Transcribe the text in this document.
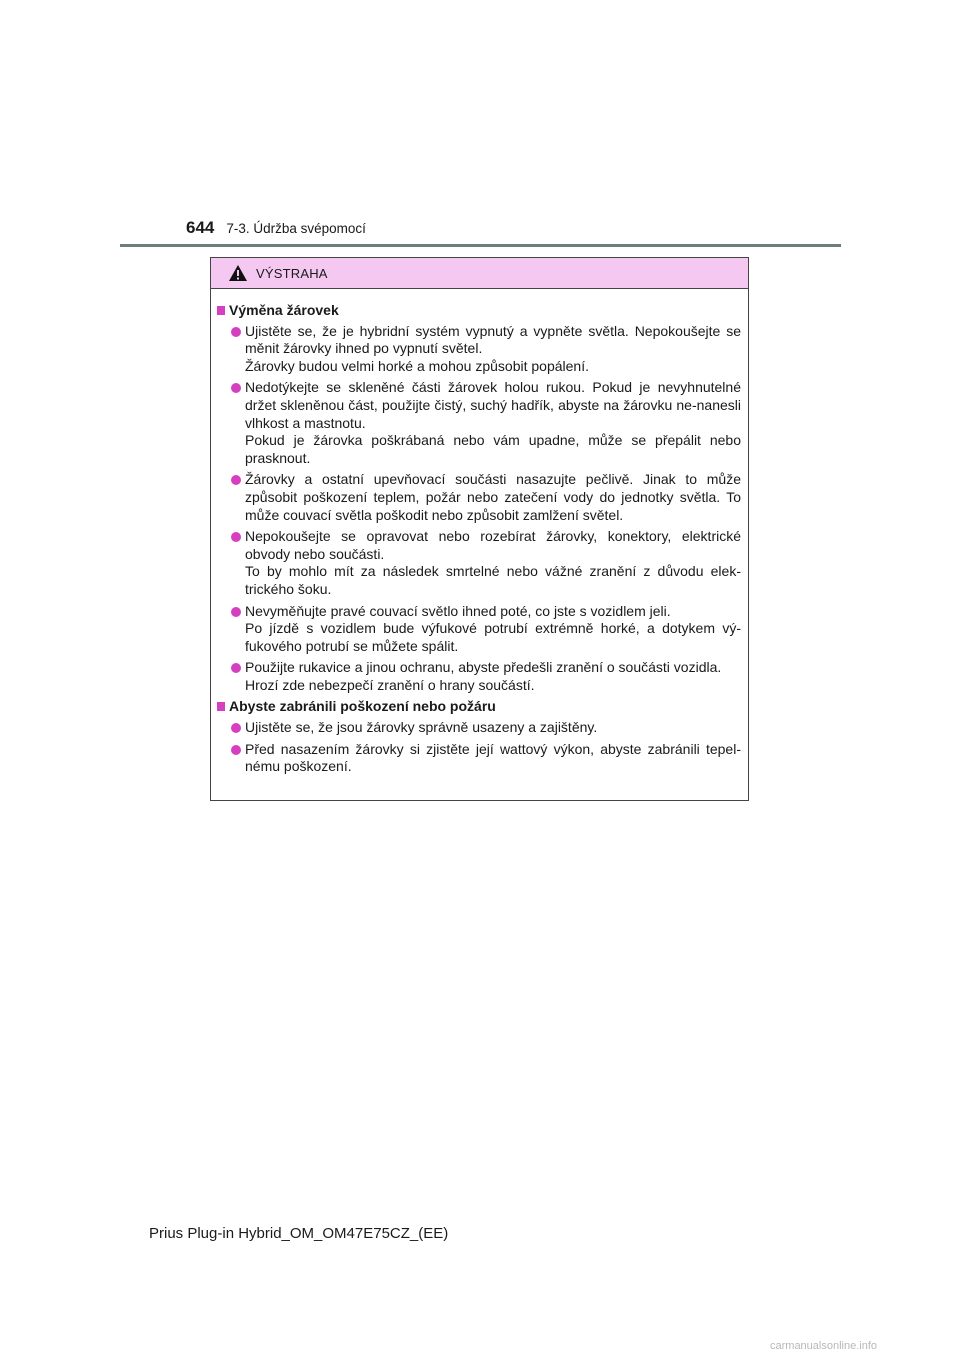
644 7-3. Údržba svépomocí
VÝSTRAHA
Výměna žárovek

Ujistěte se, že je hybridní systém vypnutý a vypněte světla. Nepokoušejte se měnit žárovky ihned po vypnutí světel.

Žárovky budou velmi horké a mohou způsobit popálení.

Nedotýkejte se skleněné části žárovek holou rukou. Pokud je nevyhnutelné držet skleněnou část, použijte čistý, suchý hadřík, abyste na žárovku ne-nanesli vlhkost a mastnotu.

Pokud je žárovka poškrábaná nebo vám upadne, může se přepálit nebo prasknout.

Žárovky a ostatní upevňovací součásti nasazujte pečlivě. Jinak to může způsobit poškození teplem, požár nebo zatečení vody do jednotky světla. To může couvací světla poškodit nebo způsobit zamlžení světel.

Nepokoušejte se opravovat nebo rozebírat žárovky, konektory, elektrické obvody nebo součásti.

To by mohlo mít za následek smrtelné nebo vážné zranění z důvodu elek-trického šoku.

Nevyměňujte pravé couvací světlo ihned poté, co jste s vozidlem jeli.

Po jízdě s vozidlem bude výfukové potrubí extrémně horké, a dotykem vý-fukového potrubí se můžete spálit.

Použijte rukavice a jinou ochranu, abyste předešli zranění o součásti vozidla.

Hrozí zde nebezpečí zranění o hrany součástí.

Abyste zabránili poškození nebo požáru

Ujistěte se, že jsou žárovky správně usazeny a zajištěny.

Před nasazením žárovky si zjistěte její wattový výkon, abyste zabránili tepel-nému poškození.

Prius Plug-in Hybrid_OM_OM47E75CZ_(EE)
carmanualsonline.info
